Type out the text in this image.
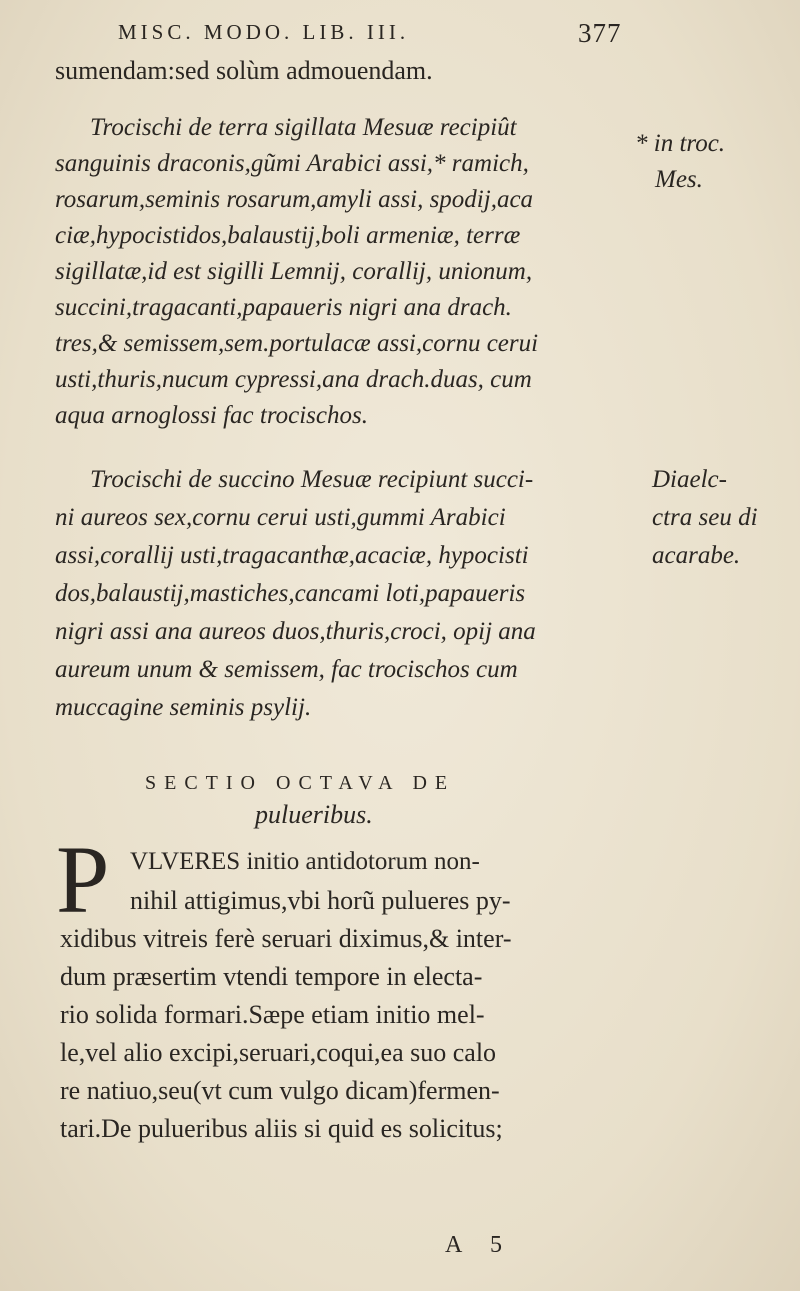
MISC. MODO. LIB. III.	377
sumendam:sed solùm admouendam.
Trocischi de terra sigillata Mesuæ recipiût
sanguinis draconis,gũmi Arabici assi,* ramich,
rosarum,seminis rosarum,amyli assi, spodij,aca
ciæ,hypocistidos,balaustij,boli armeniæ, terræ
sigillatæ,id est sigilli Lemnij, corallij, unionum,
succini,tragacanti,papaueris nigri ana drach.
tres,& semissem,sem.portulacæ assi,cornu cerui
usti,thuris,nucum cypressi,ana drach.duas, cum
aqua arnoglossi fac trocischos.
Trocischi de succino Mesuæ recipiunt succi-
ni aureos sex,cornu cerui usti,gummi Arabici
assi,corallij usti,tragacanthæ,acaciæ, hypocisti
dos,balaustij,mastiches,cancami loti,papaueris
nigri assi ana aureos duos,thuris,croci, opij ana
aureum unum & semissem, fac trocischos cum
muccagine seminis psylij.
* in troc.
Mes.
Diaelc-
ctra seu di
acarabe.
SECTIO OCTAVA DE
pulueribus.
P VLVERES initio antidotorum non-
nihil attigimus,vbi horũ pulueres py-
xidibus vitreis ferè seruari diximus,& inter-
dum præsertim vtendi tempore in electa-
rio solida formari.Sæpe etiam initio mel-
le,vel alio excipi,seruari,coqui,ea suo calo
re natiuo,seu(vt cum vulgo dicam)fermen-
tari.De pulueribus aliis si quid es solicitus;
A 5
